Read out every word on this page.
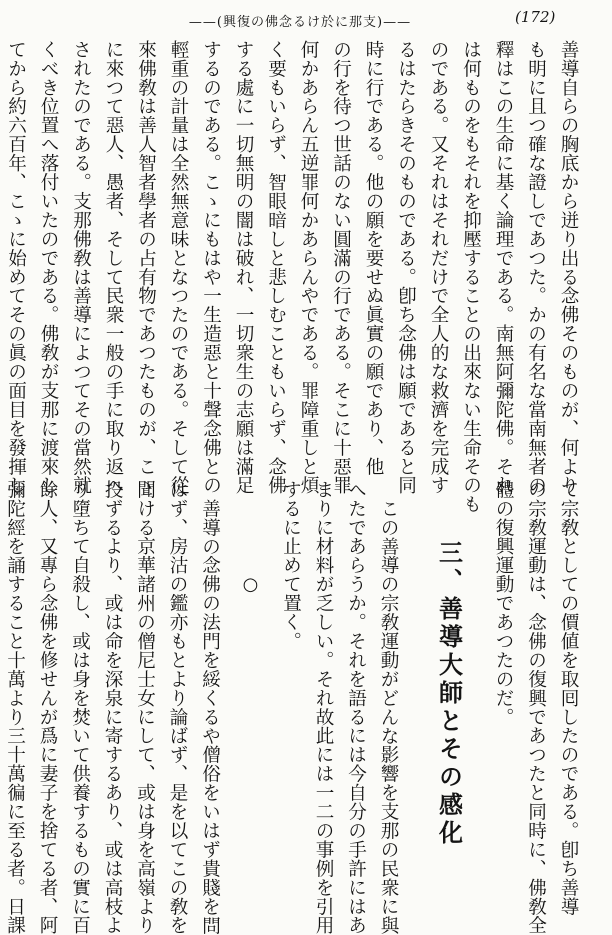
——(興復の佛念るけ於に那支)——	(172)
善導自らの胸底から迸り出る念佛そのものが、何より
も明に且つ確な證しであつた。かの有名な當南無者の
釋はこの生命に基く論理である。南無阿彌陀佛。それ
は何ものをもそれを抑壓することの出來ない生命そのも
のである。又それはそれだけで全人的な救濟を完成す
るはたらきそのものである。卽ち念佛は願であると同
時に行である。他の願を要せぬ眞實の願であり、他
の行を待つ世話のない圓滿の行である。そこに十惡罪
何かあらん五逆罪何かあらんやである。罪障重しと煩
く要もいらず、智眼暗しと悲しむこともいらず、念佛
する處に一切無明の闇は破れ、一切衆生の志願は滿足
するのである。こゝにもはや一生造惡と十聲念佛との
輕重の計量は全然無意味となつたのである。そして從
來佛敎は善人智者學者の占有物であつたものが、こゝ
に來つて惡人、愚者、そして民衆一般の手に取り返へ
されたのである。支那佛敎は善導によつてその當然就
くべき位置へ落付いたのである。佛敎が支那に渡來し
てから約六百年、こゝに始めてその眞の面目を發揮し
て宗敎としての價値を取囘したのである。卽ち善導
の宗敎運動は、念佛の復興であつたと同時に、佛敎全
體の復興運動であつたのだ。
三、善導大師とその感化
この善導の宗敎運動がどんな影響を支那の民衆に與
へたであらうか。それを語るには今自分の手許にはあ
まりに材料が乏しい。それ故此には一二の事例を引用
するに止めて置く。
○
善導の念佛の法門を綏くるや僧俗をいはず貴賤を問
はず、房沽の鑑亦もとより論ばず、是を以てこの敎を
聞ける京華諸州の僧尼士女にして、或は身を高嶺より
投ずるより、或は命を深泉に寄するあり、或は高枝よ
り墮ちて自殺し、或は身を焚いて供養するもの實に百
餘人、又專ら念佛を修せんが爲に妻子を捨てる者、阿
彌陀經を誦すること十萬より三十萬徧に至る者。日課
